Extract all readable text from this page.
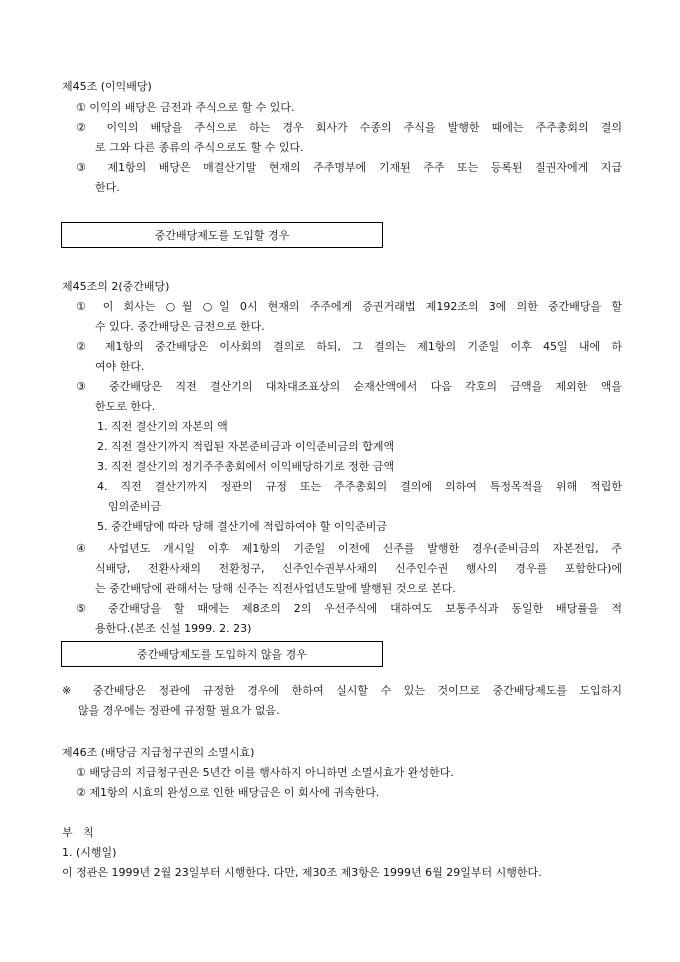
제45조 (이익배당)
① 이익의 배당은 금전과 주식으로 할 수 있다.
② 이익의 배당을 주식으로 하는 경우 회사가 수종의 주식을 발행한 때에는 주주총회의 결의
로 그와 다른 종류의 주식으로도 할 수 있다.
③ 제1항의 배당은 매결산기말 현재의 주주명부에 기재된 주주 또는 등록된 질권자에게 지급
한다.
중간배당제도를 도입할 경우
제45조의 2(중간배당)
① 이 회사는 ○월 ○일 0시 현재의 주주에게 증권거래법 제192조의 3에 의한 중간배당을 할
수 있다. 중간배당은 금전으로 한다.
② 제1항의 중간배당은 이사회의 결의로 하되, 그 결의는 제1항의 기준일 이후 45일 내에 하
여야 한다.
③ 중간배당은 직전 결산기의 대차대조표상의 순재산액에서 다음 각호의 금액을 제외한 액을
한도로 한다.
1. 직전 결산기의 자본의 액
2. 직전 결산기까지 적립된 자본준비금과 이익준비금의 합계액
3. 직전 결산기의 정기주주총회에서 이익배당하기로 정한 금액
4. 직전 결산기까지 정관의 규정 또는 주주총회의 결의에 의하여 특정목적을 위해 적립한
임의준비금
5. 중간배당에 따라 당해 결산기에 적립하여야 할 이익준비금
④ 사업년도 개시일 이후 제1항의 기준일 이전에 신주를 발행한 경우(준비금의 자본전입, 주
식배당, 전환사채의 전환청구, 신주인수권부사채의 신주인수권 행사의 경우를 포함한다)에
는 중간배당에 관해서는 당해 신주는 직전사업년도말에 발행된 것으로 본다.
⑤ 중간배당을 할 때에는 제8조의 2의 우선주식에 대하여도 보통주식과 동일한 배당률을 적
용한다.(본조 신설 1999. 2. 23)
중간배당제도를 도입하지 않을 경우
※ 중간배당은 정관에 규정한 경우에 한하여 실시할 수 있는 것이므로 중간배당제도를 도입하지
않을 경우에는 정관에 규정할 필요가 없음.
제46조 (배당금 지급청구권의 소멸시효)
① 배당금의 지급청구권은 5년간 이를 행사하지 아니하면 소멸시효가 완성한다.
② 제1항의 시효의 완성으로 인한 배당금은 이 회사에 귀속한다.
부   칙
1. (시행일)
이 정관은 1999년 2월 23일부터 시행한다. 다만, 제30조 제3항은 1999년 6월 29일부터 시행한다.
